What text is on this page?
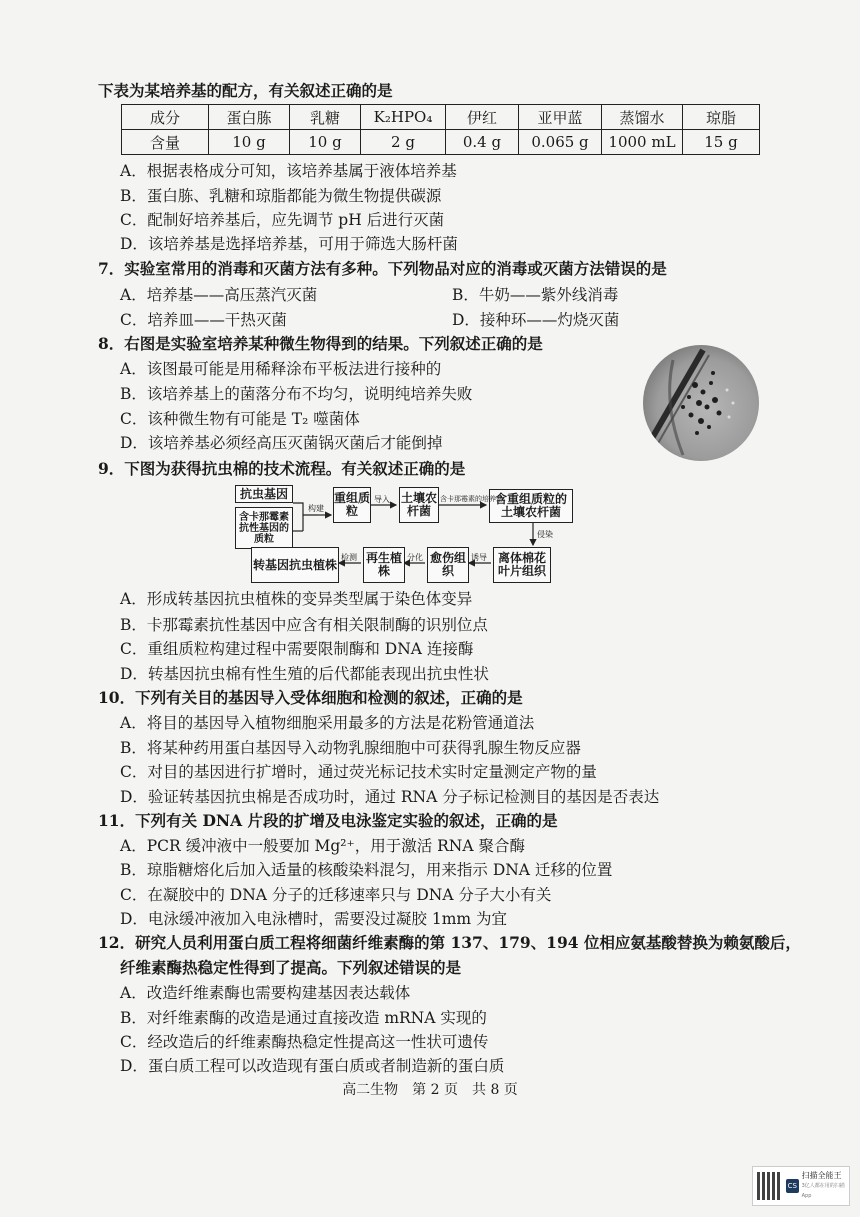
下表为某培养基的配方，有关叙述正确的是
成分	蛋白胨	乳糖	K₂HPO₄	伊红	亚甲蓝	蒸馏水	琼脂
含量	10 g	10 g	2 g	0.4 g	0.065 g	1000 mL	15 g
A．根据表格成分可知，该培养基属于液体培养基
B．蛋白胨、乳糖和琼脂都能为微生物提供碳源
C．配制好培养基后，应先调节 pH 后进行灭菌
D．该培养基是选择培养基，可用于筛选大肠杆菌
7．实验室常用的消毒和灭菌方法有多种。下列物品对应的消毒或灭菌方法错误的是
A．培养基——高压蒸汽灭菌	B．牛奶——紫外线消毒
C．培养皿——干热灭菌	D．接种环——灼烧灭菌
8．右图是实验室培养某种微生物得到的结果。下列叙述正确的是
A．该图最可能是用稀释涂布平板法进行接种的
B．该培养基上的菌落分布不均匀，说明纯培养失败
C．该种微生物有可能是 T₂ 噬菌体
D．该培养基必须经高压灭菌锅灭菌后才能倒掉
9．下图为获得抗虫棉的技术流程。有关叙述正确的是
抗虫基因
含卡那霉素抗性基因的质粒
重组质粒
土壤农杆菌
含重组质粒的土壤农杆菌
离体棉花叶片组织
愈伤组织
再生植株
转基因抗虫植株
构建
导入	含卡那霉素的培养基
侵染
诱导
分化
检测
A．形成转基因抗虫植株的变异类型属于染色体变异
B．卡那霉素抗性基因中应含有相关限制酶的识别位点
C．重组质粒构建过程中需要限制酶和 DNA 连接酶
D．转基因抗虫棉有性生殖的后代都能表现出抗虫性状
10．下列有关目的基因导入受体细胞和检测的叙述，正确的是
A．将目的基因导入植物细胞采用最多的方法是花粉管通道法
B．将某种药用蛋白基因导入动物乳腺细胞中可获得乳腺生物反应器
C．对目的基因进行扩增时，通过荧光标记技术实时定量测定产物的量
D．验证转基因抗虫棉是否成功时，通过 RNA 分子标记检测目的基因是否表达
11．下列有关 DNA 片段的扩增及电泳鉴定实验的叙述，正确的是
A．PCR 缓冲液中一般要加 Mg²⁺，用于激活 RNA 聚合酶
B．琼脂糖熔化后加入适量的核酸染料混匀，用来指示 DNA 迁移的位置
C．在凝胶中的 DNA 分子的迁移速率只与 DNA 分子大小有关
D．电泳缓冲液加入电泳槽时，需要没过凝胶 1mm 为宜
12．研究人员利用蛋白质工程将细菌纤维素酶的第 137、179、194 位相应氨基酸替换为赖氨酸后，
纤维素酶热稳定性得到了提高。下列叙述错误的是
A．改造纤维素酶也需要构建基因表达载体
B．对纤维素酶的改造是通过直接改造 mRNA 实现的
C．经改造后的纤维素酶热稳定性提高这一性状可遗传
D．蛋白质工程可以改造现有蛋白质或者制造新的蛋白质
高二生物　第 2 页　共 8 页
CS
扫描全能王
3亿人都在用的扫描App
